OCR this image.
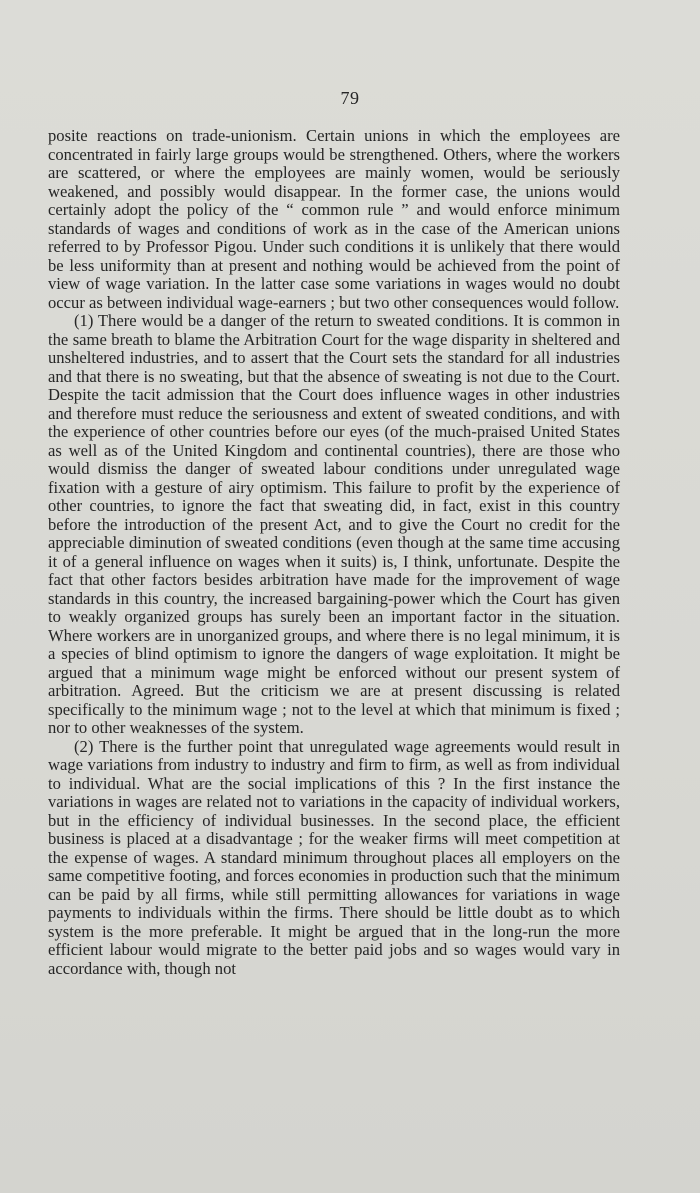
79

posite reactions on trade-unionism. Certain unions in which the employees are concentrated in fairly large groups would be strengthened. Others, where the workers are scattered, or where the employees are mainly women, would be seriously weakened, and possibly would disappear. In the former case, the unions would certainly adopt the policy of the “ common rule ” and would enforce minimum standards of wages and conditions of work as in the case of the American unions referred to by Professor Pigou. Under such conditions it is unlikely that there would be less uniformity than at present and nothing would be achieved from the point of view of wage variation. In the latter case some variations in wages would no doubt occur as between individual wage-earners ; but two other consequences would follow.

(1) There would be a danger of the return to sweated conditions. It is common in the same breath to blame the Arbitration Court for the wage disparity in sheltered and unsheltered industries, and to assert that the Court sets the standard for all industries and that there is no sweating, but that the absence of sweating is not due to the Court. Despite the tacit admission that the Court does influence wages in other industries and therefore must reduce the seriousness and extent of sweated conditions, and with the experience of other countries before our eyes (of the much-praised United States as well as of the United Kingdom and continental countries), there are those who would dismiss the danger of sweated labour conditions under unregulated wage fixation with a gesture of airy optimism. This failure to profit by the experience of other countries, to ignore the fact that sweating did, in fact, exist in this country before the introduction of the present Act, and to give the Court no credit for the appreciable diminution of sweated conditions (even though at the same time accusing it of a general influence on wages when it suits) is, I think, unfortunate. Despite the fact that other factors besides arbitration have made for the improvement of wage standards in this country, the increased bargaining-power which the Court has given to weakly organized groups has surely been an important factor in the situation. Where workers are in unorganized groups, and where there is no legal minimum, it is a species of blind optimism to ignore the dangers of wage exploitation. It might be argued that a minimum wage might be enforced without our present system of arbitration. Agreed. But the criticism we are at present discussing is related specifically to the minimum wage ; not to the level at which that minimum is fixed ; nor to other weaknesses of the system.

(2) There is the further point that unregulated wage agreements would result in wage variations from industry to industry and firm to firm, as well as from individual to individual. What are the social implications of this ? In the first instance the variations in wages are related not to variations in the capacity of individual workers, but in the efficiency of individual businesses. In the second place, the efficient business is placed at a disadvantage ; for the weaker firms will meet competition at the expense of wages. A standard minimum throughout places all employers on the same competitive footing, and forces economies in production such that the minimum can be paid by all firms, while still permitting allowances for variations in wage payments to individuals within the firms. There should be little doubt as to which system is the more preferable. It might be argued that in the long-run the more efficient labour would migrate to the better paid jobs and so wages would vary in accordance with, though not
